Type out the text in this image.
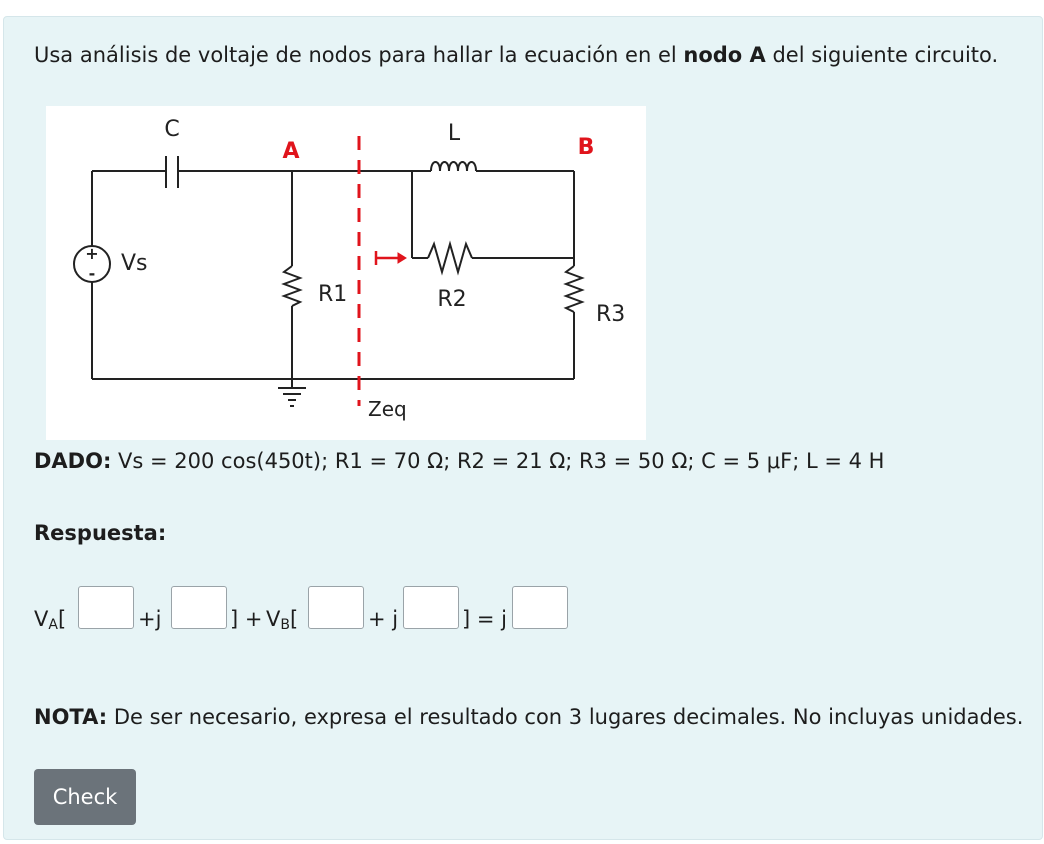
Usa análisis de voltaje de nodos para hallar la ecuación en el nodo A del siguiente circuito.

C
A
L
B
+
- Vs
R1	R2
R3
Zeq

DADO: Vs = 200 cos(450t); R1 = 70 Ω; R2 = 21 Ω; R3 = 50 Ω; C = 5 μF; L = 4 H

Respuesta:

$V_A$[	+j	] + $V_B$[	+ j	] = j

NOTA: De ser necesario, expresa el resultado con 3 lugares decimales. No incluyas unidades.

Check
